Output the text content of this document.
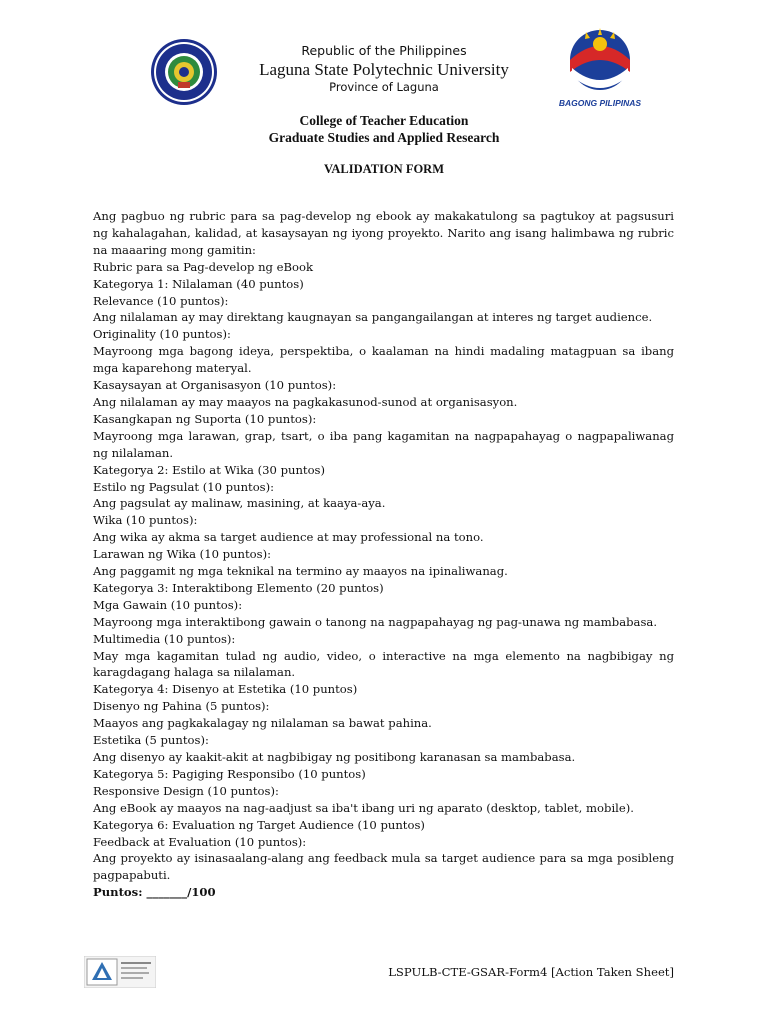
BAGONG PILIPINAS
Republic of the Philippines
Laguna State Polytechnic University
Province of Laguna
College of Teacher Education
Graduate Studies and Applied Research
VALIDATION FORM

Ang pagbuo ng rubric para sa pag-develop ng ebook ay makakatulong sa pagtukoy at pagsusuri ng kahalagahan, kalidad, at kasaysayan ng iyong proyekto. Narito ang isang halimbawa ng rubric na maaaring mong gamitin:

Rubric para sa Pag-develop ng eBook

Kategorya 1: Nilalaman (40 puntos)

Relevance (10 puntos):

Ang nilalaman ay may direktang kaugnayan sa pangangailangan at interes ng target audience.

Originality (10 puntos):

Mayroong mga bagong ideya, perspektiba, o kaalaman na hindi madaling matagpuan sa ibang mga kaparehong materyal.

Kasaysayan at Organisasyon (10 puntos):

Ang nilalaman ay may maayos na pagkakasunod-sunod at organisasyon.

Kasangkapan ng Suporta (10 puntos):

Mayroong mga larawan, grap, tsart, o iba pang kagamitan na nagpapahayag o nagpapaliwanag ng nilalaman.

Kategorya 2: Estilo at Wika (30 puntos)

Estilo ng Pagsulat (10 puntos):

Ang pagsulat ay malinaw, masining, at kaaya-aya.

Wika (10 puntos):

Ang wika ay akma sa target audience at may professional na tono.

Larawan ng Wika (10 puntos):

Ang paggamit ng mga teknikal na termino ay maayos na ipinaliwanag.

Kategorya 3: Interaktibong Elemento (20 puntos)

Mga Gawain (10 puntos):

Mayroong mga interaktibong gawain o tanong na nagpapahayag ng pag-unawa ng mambabasa.

Multimedia (10 puntos):

May mga kagamitan tulad ng audio, video, o interactive na mga elemento na nagbibigay ng karagdagang halaga sa nilalaman.

Kategorya 4: Disenyo at Estetika (10 puntos)

Disenyo ng Pahina (5 puntos):

Maayos ang pagkakalagay ng nilalaman sa bawat pahina.

Estetika (5 puntos):

Ang disenyo ay kaakit-akit at nagbibigay ng positibong karanasan sa mambabasa.

Kategorya 5: Pagiging Responsibo (10 puntos)

Responsive Design (10 puntos):

Ang eBook ay maayos na nag-aadjust sa iba't ibang uri ng aparato (desktop, tablet, mobile).

Kategorya 6: Evaluation ng Target Audience (10 puntos)

Feedback at Evaluation (10 puntos):

Ang proyekto ay isinasaalang-alang ang feedback mula sa target audience para sa mga posibleng pagpapabuti.

Puntos: _______/100

LSPULB-CTE-GSAR-Form4 [Action Taken Sheet]
